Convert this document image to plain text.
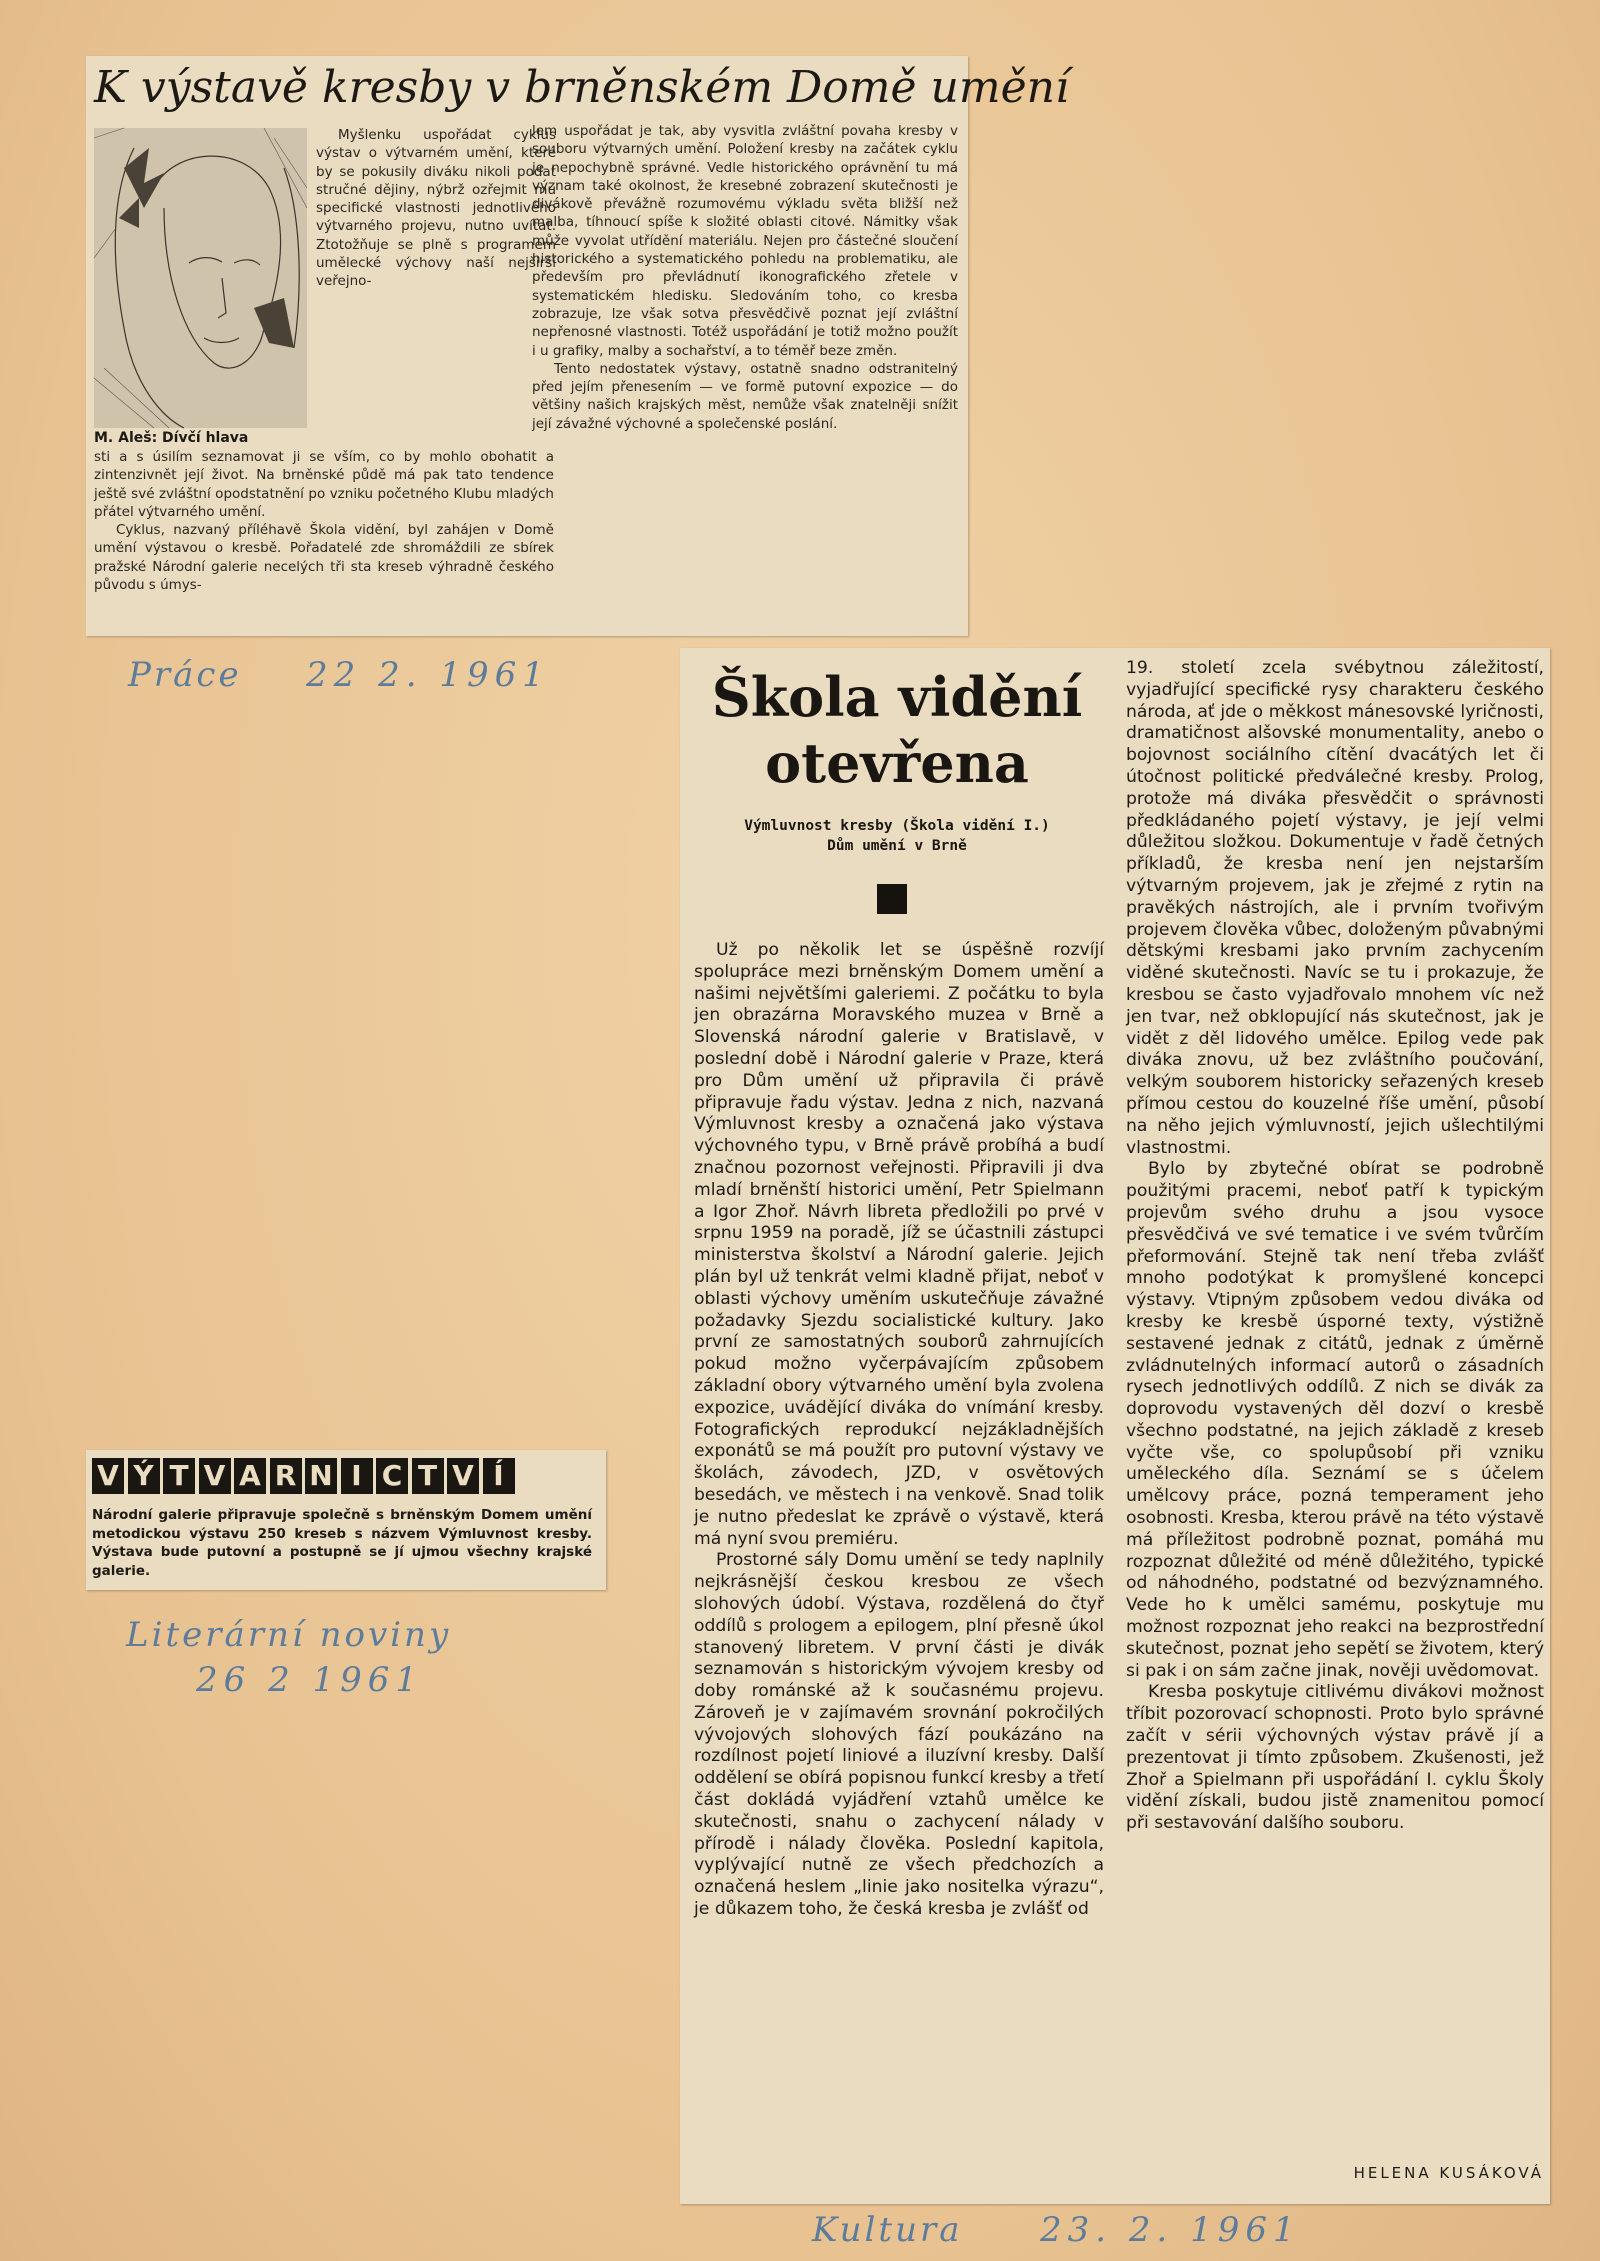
K výstavě kresby v brněnském Domě umění

Myšlenku uspořádat cyklus výstav o výtvarném umění, které by se pokusily diváku nikoli podat stručné dějiny, nýbrž ozřejmit mu specifické vlastnosti jednotlivého výtvarného projevu, nutno uvítat. Ztotožňuje se plně s programem umělecké výchovy naší nejširší veřejno-

M. Aleš: Dívčí hlava

sti a s úsilím seznamovat ji se vším, co by mohlo obohatit a zintenzivnět její život. Na brněnské půdě má pak tato tendence ještě své zvláštní opodstatnění po vzniku početného Klubu mladých přátel výtvarného umění.

Cyklus, nazvaný příléhavě Škola vidění, byl zahájen v Domě umění výstavou o kresbě. Pořadatelé zde shromáždili ze sbírek pražské Národní galerie necelých tři sta kreseb výhradně českého původu s úmys-

lem uspořádat je tak, aby vysvitla zvláštní povaha kresby v souboru výtvarných umění. Položení kresby na začátek cyklu je nepochybně správné. Vedle historického oprávnění tu má význam také okolnost, že kresebné zobrazení skutečnosti je divákově převážně rozumovému výkladu světa bližší než malba, tíhnoucí spíše k složité oblasti citové. Námitky však může vyvolat utřídění materiálu. Nejen pro částečné sloučení historického a systematického pohledu na problematiku, ale především pro převládnutí ikonografického zřetele v systematickém hledisku. Sledováním toho, co kresba zobrazuje, lze však sotva přesvědčivě poznat její zvláštní nepřenosné vlastnosti. Totéž uspořádání je totiž možno použít i u grafiky, malby a sochařství, a to téměř beze změn.

Tento nedostatek výstavy, ostatně snadno odstranitelný před jejím přenesením — ve formě putovní expozice — do většiny našich krajských měst, nemůže však znatelněji snížit její závažné výchovné a společenské poslání.

Práce 22 2. 1961	Škola vidění
otevřena
Výmluvnost kresby (Škola vidění I.)
Dům umění v Brně

Už po několik let se úspěšně rozvíjí spolupráce mezi brněnským Domem umění a našimi největšími galeriemi. Z počátku to byla jen obrazárna Moravského muzea v Brně a Slovenská národní galerie v Bratislavě, v poslední době i Národní galerie v Praze, která pro Dům umění už připravila či právě připravuje řadu výstav. Jedna z nich, nazvaná Výmluvnost kresby a označená jako výstava výchovného typu, v Brně právě probíhá a budí značnou pozornost veřejnosti. Připravili ji dva mladí brněnští historici umění, Petr Spielmann a Igor Zhoř. Návrh libreta předložili po prvé v srpnu 1959 na poradě, jíž se účastnili zástupci ministerstva školství a Národní galerie. Jejich plán byl už tenkrát velmi kladně přijat, neboť v oblasti výchovy uměním uskutečňuje závažné požadavky Sjezdu socialistické kultury. Jako první ze samostatných souborů zahrnujících pokud možno vyčerpávajícím způsobem základní obory výtvarného umění byla zvolena expozice, uvádějící diváka do vnímání kresby. Fotografických reprodukcí nejzákladnějších exponátů se má použít pro putovní výstavy ve školách, závodech, JZD, v osvětových besedách, ve městech i na venkově. Snad tolik je nutno předeslat ke zprávě o výstavě, která má nyní svou premiéru.

Prostorné sály Domu umění se tedy naplnily nejkrásnější českou kresbou ze všech slohových údobí. Výstava, rozdělená do čtyř oddílů s prologem a epilogem, plní přesně úkol stanovený libretem. V první části je divák seznamován s historickým vývojem kresby od doby románské až k současnému projevu. Zároveň je v zajímavém srovnání pokročilých vývojových slohových fází poukázáno na rozdílnost pojetí liniové a iluzívní kresby. Další oddělení se obírá popisnou funkcí kresby a třetí část dokládá vyjádření vztahů umělce ke skutečnosti, snahu o zachycení nálady v přírodě i nálady člověka. Poslední kapitola, vyplývající nutně ze všech předchozích a označená heslem „linie jako nositelka výrazu“, je důkazem toho, že česká kresba je zvlášť od

19. století zcela svébytnou záležitostí, vyjadřující specifické rysy charakteru českého národa, ať jde o měkkost mánesovské lyričnosti, dramatičnost alšovské monumentality, anebo o bojovnost sociálního cítění dvacátých let či útočnost politické předválečné kresby. Prolog, protože má diváka přesvědčit o správnosti předkládaného pojetí výstavy, je její velmi důležitou složkou. Dokumentuje v řadě četných příkladů, že kresba není jen nejstarším výtvarným projevem, jak je zřejmé z rytin na pravěkých nástrojích, ale i prvním tvořivým projevem člověka vůbec, doloženým půvabnými dětskými kresbami jako prvním zachycením viděné skutečnosti. Navíc se tu i prokazuje, že kresbou se často vyjadřovalo mnohem víc než jen tvar, než obklopující nás skutečnost, jak je vidět z děl lidového umělce. Epilog vede pak diváka znovu, už bez zvláštního poučování, velkým souborem historicky seřazených kreseb přímou cestou do kouzelné říše umění, působí na něho jejich výmluvností, jejich ušlechtilými vlastnostmi.

Bylo by zbytečné obírat se podrobně použitými pracemi, neboť patří k typickým projevům svého druhu a jsou vysoce přesvědčivá ve své tematice i ve svém tvůrčím přeformování. Stejně tak není třeba zvlášť mnoho podotýkat k promyšlené koncepci výstavy. Vtipným způsobem vedou diváka od kresby ke kresbě úsporné texty, výstižně sestavené jednak z citátů, jednak z úměrně zvládnutelných informací autorů o zásadních rysech jednotlivých oddílů. Z nich se divák za doprovodu vystavených děl dozví o kresbě všechno podstatné, na jejich základě z kreseb vyčte vše, co spolupůsobí při vzniku uměleckého díla. Seznámí se s účelem umělcovy práce, pozná temperament jeho osobnosti. Kresba, kterou právě na této výstavě má příležitost podrobně poznat, pomáhá mu rozpoznat důležité od méně důležitého, typické od náhodného, podstatné od bezvýznamného. Vede ho k umělci samému, poskytuje mu možnost rozpoznat jeho reakci na bezprostřední skutečnost, poznat jeho sepětí se životem, který si pak i on sám začne jinak, nověji uvědomovat.

Kresba poskytuje citlivému divákovi možnost tříbit pozorovací schopnosti. Proto bylo správné začít v sérii výchovných výstav právě jí a prezentovat ji tímto způsobem. Zkušenosti, jež Zhoř a Spielmann při uspořádání I. cyklu Školy vidění získali, budou jistě znamenitou pomocí při sestavování dalšího souboru.

HELENA KUSÁKOVÁ
V Ý T V A R N I C T V Í
Národní galerie připravuje společně s brněnským Domem umění metodickou výstavu 250 kreseb s názvem Výmluvnost kresby. Výstava bude putovní a postupně se jí ujmou všechny krajské galerie.
Literární noviny
26 2 1961
Kultura 23. 2. 1961
